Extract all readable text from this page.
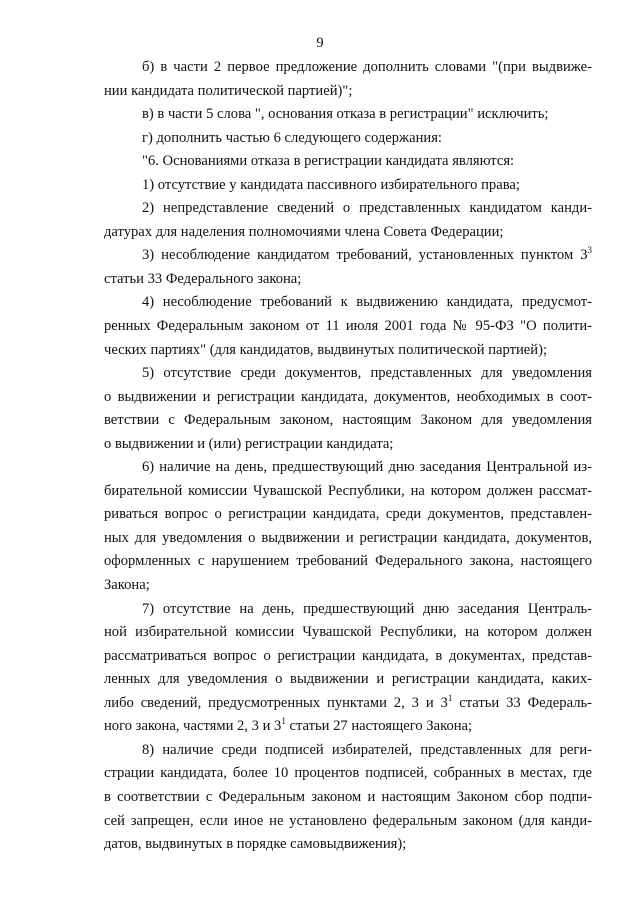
9
б) в части 2 первое предложение дополнить словами "(при выдвиже-
нии кандидата политической партией)";
в) в части 5 слова ", основания отказа в регистрации" исключить;
г) дополнить частью 6 следующего содержания:
"6. Основаниями отказа в регистрации кандидата являются:
1) отсутствие у кандидата пассивного избирательного права;
2) непредставление сведений о представленных кандидатом канди-
датурах для наделения полномочиями члена Совета Федерации;
3) несоблюдение кандидатом требований, установленных пунктом $3^3$
статьи 33 Федерального закона;
4) несоблюдение требований к выдвижению кандидата, предусмот-
ренных Федеральным законом от 11 июля 2001 года № 95-ФЗ "О полити-
ческих партиях" (для кандидатов, выдвинутых политической партией);
5) отсутствие среди документов, представленных для уведомления
о выдвижении и регистрации кандидата, документов, необходимых в соот-
ветствии с Федеральным законом, настоящим Законом для уведомления
о выдвижении и (или) регистрации кандидата;
6) наличие на день, предшествующий дню заседания Центральной из-
бирательной комиссии Чувашской Республики, на котором должен рассмат-
риваться вопрос о регистрации кандидата, среди документов, представлен-
ных для уведомления о выдвижении и регистрации кандидата, документов,
оформленных с нарушением требований Федерального закона, настоящего
Закона;
7) отсутствие на день, предшествующий дню заседания Централь-
ной избирательной комиссии Чувашской Республики, на котором должен
рассматриваться вопрос о регистрации кандидата, в документах, представ-
ленных для уведомления о выдвижении и регистрации кандидата, каких-
либо сведений, предусмотренных пунктами 2, 3 и $3^1$ статьи 33 Федераль-
ного закона, частями 2, 3 и $3^1$ статьи 27 настоящего Закона;
8) наличие среди подписей избирателей, представленных для реги-
страции кандидата, более 10 процентов подписей, собранных в местах, где
в соответствии с Федеральным законом и настоящим Законом сбор подпи-
сей запрещен, если иное не установлено федеральным законом (для канди-
датов, выдвинутых в порядке самовыдвижения);
